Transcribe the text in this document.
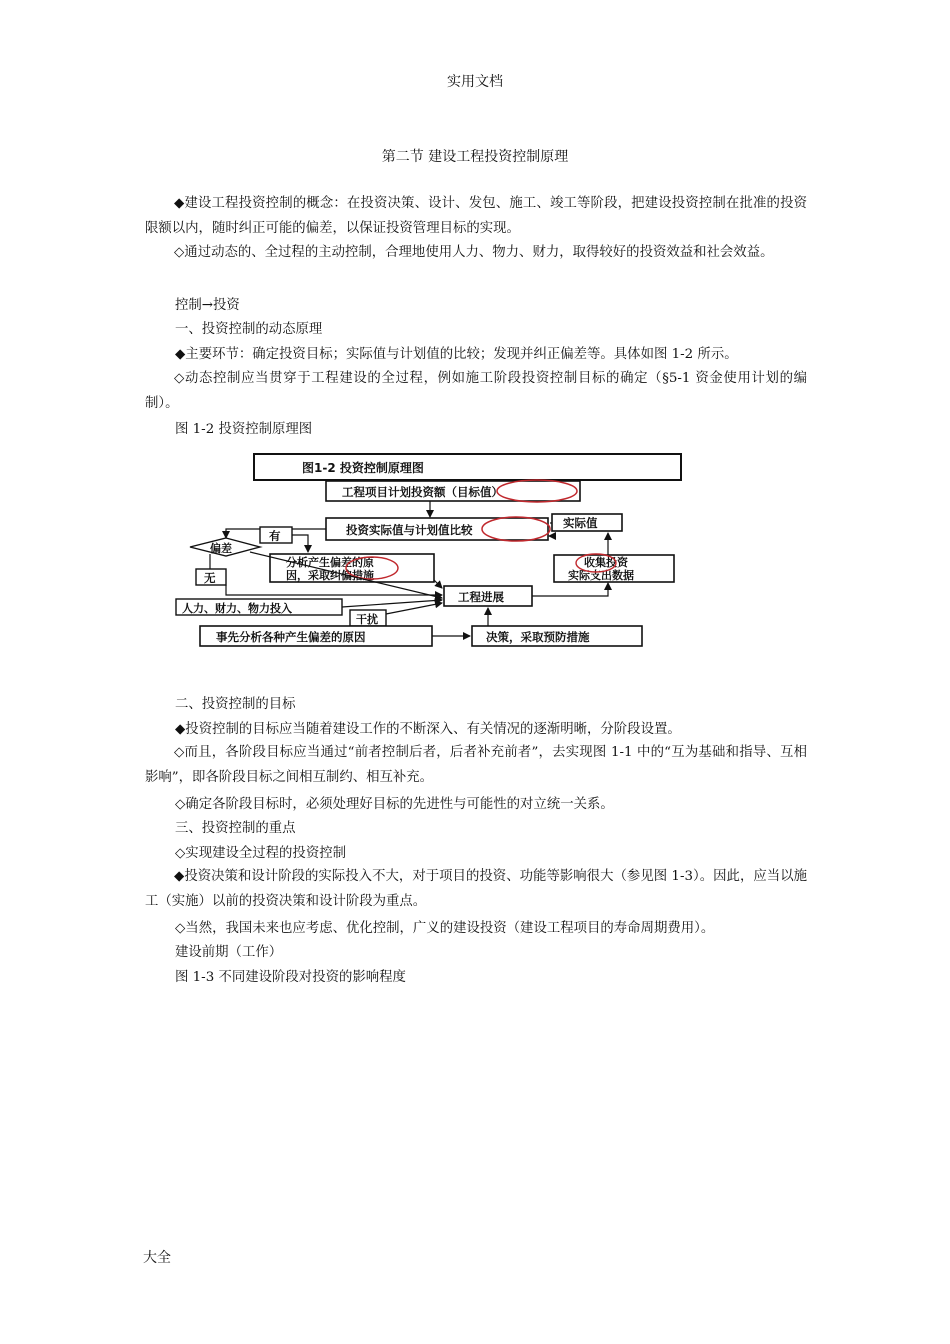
实用文档
第二节 建设工程投资控制原理
◆建设工程投资控制的概念：在投资决策、设计、发包、施工、竣工等阶段，把建设投资控制在批准的投资限额以内，随时纠正可能的偏差，以保证投资管理目标的实现。
◇通过动态的、全过程的主动控制，合理地使用人力、物力、财力，取得较好的投资效益和社会效益。
控制→投资
一、投资控制的动态原理
◆主要环节：确定投资目标；实际值与计划值的比较；发现并纠正偏差等。具体如图 1-2 所示。
◇动态控制应当贯穿于工程建设的全过程，例如施工阶段投资控制目标的确定（§5-1 资金使用计划的编制）。
图 1-2 投资控制原理图
图1-2 投资控制原理图
工程项目计划投资额（目标值）
投资实际值与计划值比较	实际值
偏差
有
分析产生偏差的原
因，采取纠偏措施
无
工程进展
收集投资
实际支出数据
人力、财力、物力投入
干扰
事先分析各种产生偏差的原因	决策，采取预防措施
二、投资控制的目标
◆投资控制的目标应当随着建设工作的不断深入、有关情况的逐渐明晰，分阶段设置。
◇而且，各阶段目标应当通过“前者控制后者，后者补充前者”，去实现图 1-1 中的“互为基础和指导、互相影响”，即各阶段目标之间相互制约、相互补充。
◇确定各阶段目标时，必须处理好目标的先进性与可能性的对立统一关系。
三、投资控制的重点
◇实现建设全过程的投资控制
◆投资决策和设计阶段的实际投入不大，对于项目的投资、功能等影响很大（参见图 1-3）。因此，应当以施工（实施）以前的投资决策和设计阶段为重点。
◇当然，我国未来也应考虑、优化控制，广义的建设投资（建设工程项目的寿命周期费用）。
建设前期（工作）
图 1-3 不同建设阶段对投资的影响程度
大全
